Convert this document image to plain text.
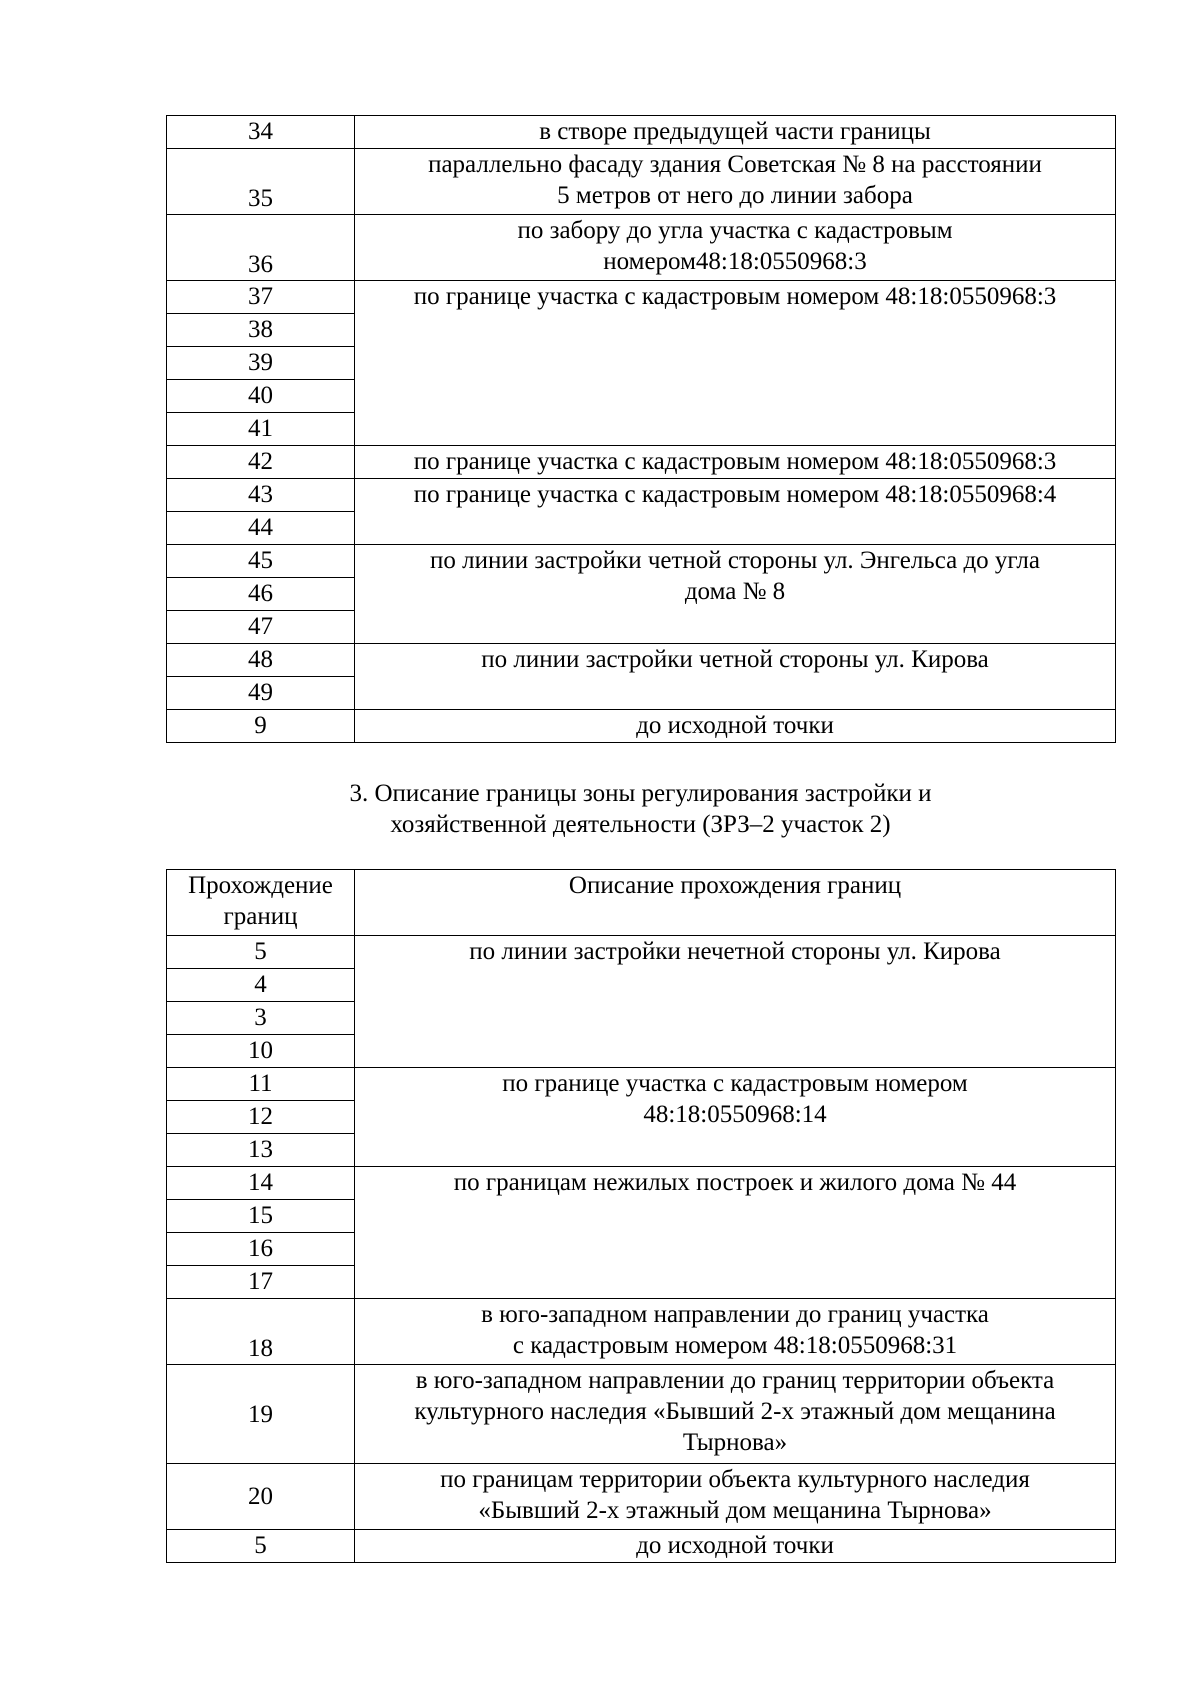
34	в створе предыдущей части границы
35	параллельно фасаду здания Советская № 8 на расстоянии
5 метров от него до линии забора

36	по забору до угла участка с кадастровым
номером48:18:0550968:3

37	по границе участка с кадастровым номером 48:18:0550968:3
38	
39	
40	
41	
42	по границе участка с кадастровым номером 48:18:0550968:3
43	по границе участка с кадастровым номером 48:18:0550968:4
44	
45	по линии застройки четной стороны ул. Энгельса до угла
дома № 8

46	
47	
48	по линии застройки четной стороны ул. Кирова
49	
9	до исходной точки
3. Описание границы зоны регулирования застройки и
хозяйственной деятельности (ЗРЗ–2 участок 2)
Прохождение
границ	Описание прохождения границ
5	по линии застройки нечетной стороны ул. Кирова
4	
3	
10	
11	по границе участка с кадастровым номером
48:18:0550968:14

12	
13	
14	по границам нежилых построек и жилого дома № 44
15	
16	
17	
18	в юго-западном направлении до границ участка
с кадастровым номером 48:18:0550968:31

19	в юго-западном направлении до границ территории объекта
культурного наследия «Бывший 2-х этажный дом мещанина
Тырнова»

20	по границам территории объекта культурного наследия
«Бывший 2-х этажный дом мещанина Тырнова»

5	до исходной точки
